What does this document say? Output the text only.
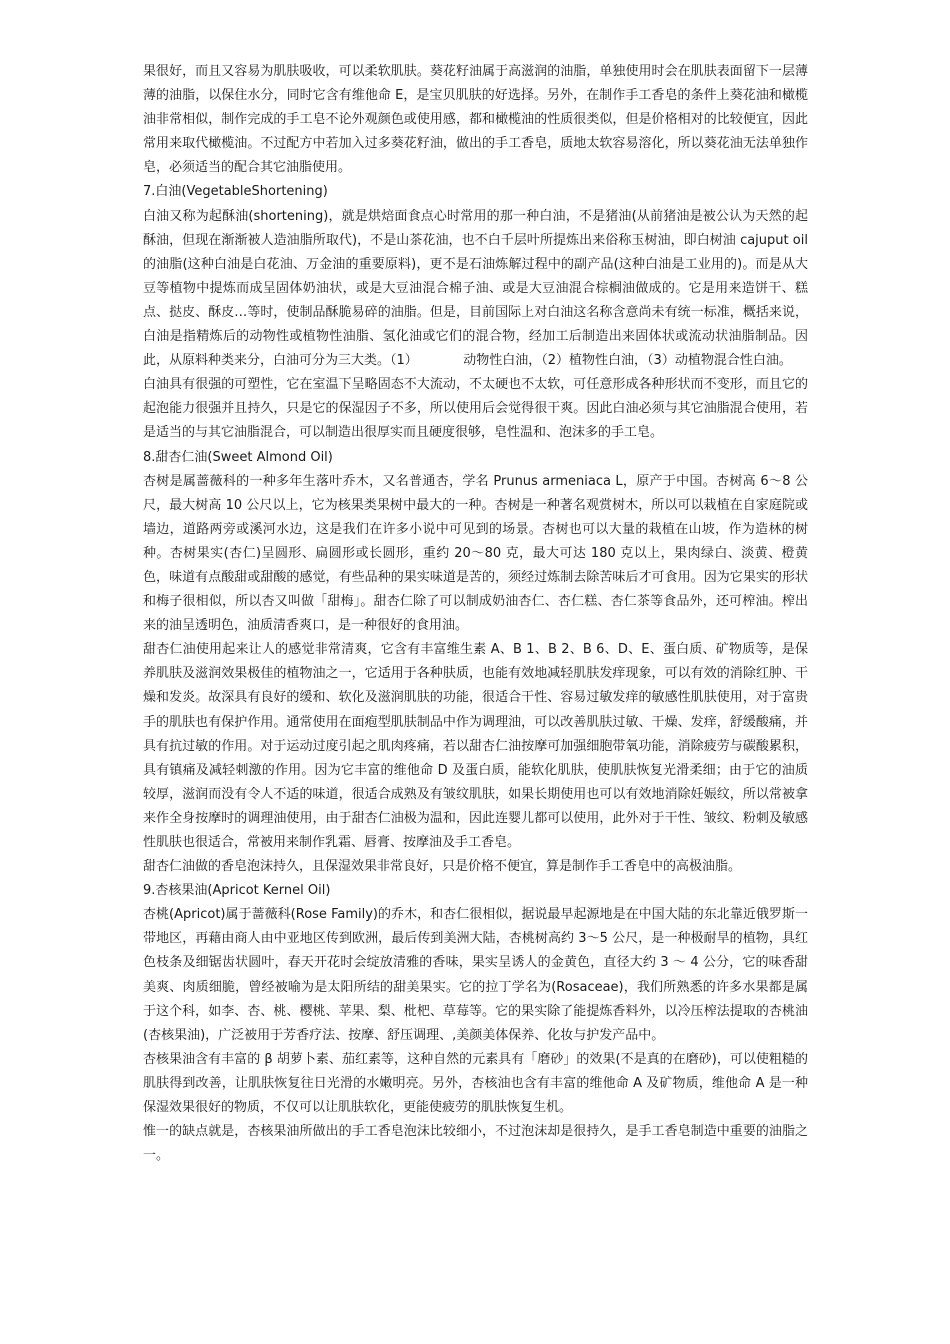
果很好，而且又容易为肌肤吸收，可以柔软肌肤。葵花籽油属于高滋润的油脂，单独使用时会在肌肤表面留下一层薄薄的油脂，以保住水分，同时它含有维他命 E，是宝贝肌肤的好选择。另外，在制作手工香皂的条件上葵花油和橄榄油非常相似，制作完成的手工皂不论外观颜色或使用感，都和橄榄油的性质很类似，但是价格相对的比较便宜，因此常用来取代橄榄油。不过配方中若加入过多葵花籽油，做出的手工香皂，质地太软容易溶化，所以葵花油无法单独作皂，必须适当的配合其它油脂使用。

7.白油(VegetableShortening)

白油又称为起酥油(shortening)，就是烘焙面食点心时常用的那一种白油，不是猪油(从前猪油是被公认为天然的起酥油，但现在渐渐被人造油脂所取代)，不是山茶花油，也不白千层叶所提炼出来俗称玉树油，即白树油 cajuput oil 的油脂(这种白油是白花油、万金油的重要原料)，更不是石油炼解过程中的副产品(这种白油是工业用的)。而是从大豆等植物中提炼而成呈固体奶油状，或是大豆油混合棉子油、或是大豆油混合棕榈油做成的。它是用来造饼干、糕点、挞皮、酥皮…等时，使制品酥脆易碎的油脂。但是，目前国际上对白油这名称含意尚未有统一标准，概括来说，白油是指精炼后的动物性或植物性油脂、氢化油或它们的混合物，经加工后制造出来固体状或流动状油脂制品。因此，从原料种类来分，白油可分为三大类。（1）　　　　动物性白油，（2）植物性白油，（3）动植物混合性白油。

白油具有很强的可塑性，它在室温下呈略固态不大流动，不太硬也不太软，可任意形成各种形状而不变形，而且它的起泡能力很强并且持久，只是它的保湿因子不多，所以使用后会觉得很干爽。因此白油必须与其它油脂混合使用，若是适当的与其它油脂混合，可以制造出很厚实而且硬度很够，皂性温和、泡沫多的手工皂。

8.甜杏仁油(Sweet Almond Oil)

杏树是属蔷薇科的一种多年生落叶乔木，又名普通杏，学名 Prunus armeniaca L，原产于中国。杏树高 6～8 公尺，最大树高 10 公尺以上，它为核果类果树中最大的一种。杏树是一种著名观赏树木，所以可以栽植在自家庭院或墙边，道路两旁或溪河水边，这是我们在许多小说中可见到的场景。杏树也可以大量的栽植在山坡，作为造林的树种。杏树果实(杏仁)呈圆形、扁圆形或长圆形，重约 20～80 克，最大可达 180 克以上，果肉绿白、淡黄、橙黄色，味道有点酸甜或甜酸的感觉，有些品种的果实味道是苦的，须经过炼制去除苦味后才可食用。因为它果实的形状和梅子很相似，所以杏又叫做「甜梅」。甜杏仁除了可以制成奶油杏仁、杏仁糕、杏仁茶等食品外，还可榨油。榨出来的油呈透明色，油质清香爽口，是一种很好的食用油。

甜杏仁油使用起来让人的感觉非常清爽，它含有丰富维生素 A、B 1、B 2、B 6、D、E、蛋白质、矿物质等，是保养肌肤及滋润效果极佳的植物油之一，它适用于各种肤质，也能有效地减轻肌肤发痒现象，可以有效的消除红肿、干燥和发炎。故深具有良好的缓和、软化及滋润肌肤的功能，很适合干性、容易过敏发痒的敏感性肌肤使用，对于富贵手的肌肤也有保护作用。通常使用在面疱型肌肤制品中作为调理油，可以改善肌肤过敏、干燥、发痒，舒缓酸痛，并具有抗过敏的作用。对于运动过度引起之肌肉疼痛，若以甜杏仁油按摩可加强细胞带氧功能，消除疲劳与碳酸累积，具有镇痛及减轻刺激的作用。因为它丰富的维他命 D 及蛋白质，能软化肌肤，使肌肤恢复光滑柔细；由于它的油质较厚，滋润而没有令人不适的味道，很适合成熟及有皱纹肌肤，如果长期使用也可以有效地消除妊娠纹，所以常被拿来作全身按摩时的调理油使用，由于甜杏仁油极为温和，因此连婴儿都可以使用，此外对于干性、皱纹、粉刺及敏感性肌肤也很适合，常被用来制作乳霜、唇膏、按摩油及手工香皂。

甜杏仁油做的香皂泡沫持久，且保湿效果非常良好，只是价格不便宜，算是制作手工香皂中的高极油脂。

9.杏核果油(Apricot Kernel Oil)

杏桃(Apricot)属于蔷薇科(Rose Family)的乔木，和杏仁很相似，据说最早起源地是在中国大陆的东北靠近俄罗斯一带地区，再藉由商人由中亚地区传到欧洲，最后传到美洲大陆，杏桃树高约 3～5 公尺，是一种极耐旱的植物，具红色枝条及细锯齿状圆叶，春天开花时会绽放清雅的香味，果实呈诱人的金黄色，直径大约 3 ～ 4 公分，它的味香甜美爽、肉质细脆，曾经被喻为是太阳所结的甜美果实。它的拉丁学名为(Rosaceae)，我们所熟悉的许多水果都是属于这个科，如李、杏、桃、樱桃、苹果、梨、枇杷、草莓等。它的果实除了能提炼香料外，以冷压榨法提取的杏桃油(杏核果油)，广泛被用于芳香疗法、按摩、舒压调理、,美颜美体保养、化妆与护发产品中。

杏核果油含有丰富的 β 胡萝卜素、茄红素等，这种自然的元素具有「磨砂」的效果(不是真的在磨砂)，可以使粗糙的肌肤得到改善，让肌肤恢复往日光滑的水嫩明亮。另外，杏核油也含有丰富的维他命 A 及矿物质，维他命 A 是一种保湿效果很好的物质，不仅可以让肌肤软化，更能使疲劳的肌肤恢复生机。

惟一的缺点就是，杏核果油所做出的手工香皂泡沫比较细小，不过泡沫却是很持久，是手工香皂制造中重要的油脂之一。
